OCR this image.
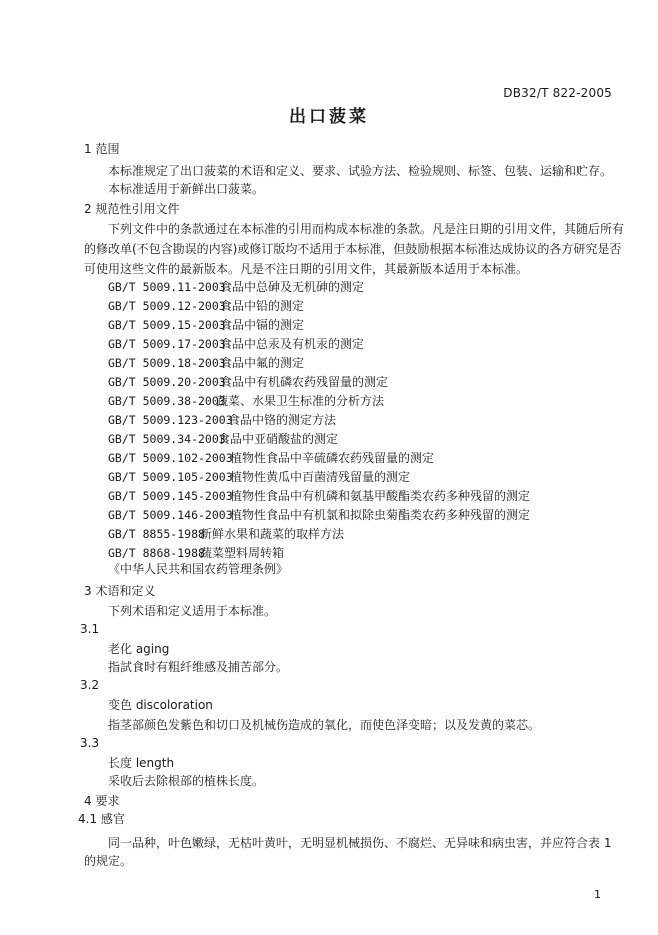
DB32/T 822-2005
出口菠菜
1 范围
本标准规定了出口菠菜的术语和定义、要求、试验方法、检验规则、标签、包装、运输和贮存。
本标准适用于新鲜出口菠菜。
2 规范性引用文件
下列文件中的条款通过在本标准的引用而构成本标准的条款。凡是注日期的引用文件，其随后所有
的修改单(不包含勘误的内容)或修订版均不适用于本标准，但鼓励根据本标准达成协议的各方研究是否
可使用这些文件的最新版本。凡是不注日期的引用文件，其最新版本适用于本标准。
GB/T 5009.11-2003
食品中总砷及无机砷的测定
GB/T 5009.12-2003
食品中铅的测定
GB/T 5009.15-2003
食品中镉的测定
GB/T 5009.17-2003
食品中总汞及有机汞的测定
GB/T 5009.18-2003
食品中氟的测定
GB/T 5009.20-2003
食品中有机磷农药残留量的测定
GB/T 5009.38-2003
蔬菜、水果卫生标准的分析方法
GB/T 5009.123-2003
食品中铬的测定方法
GB/T 5009.34-2003
食品中亚硝酸盐的测定
GB/T 5009.102-2003
植物性食品中辛硫磷农药残留量的测定
GB/T 5009.105-2003
植物性黄瓜中百菌清残留量的测定
GB/T 5009.145-2003
植物性食品中有机磷和氨基甲酸酯类农药多种残留的测定
GB/T 5009.146-2003
植物性食品中有机氯和拟除虫菊酯类农药多种残留的测定
GB/T 8855-1988
新鲜水果和蔬菜的取样方法
GB/T 8868-1988
蔬菜塑料周转箱
《中华人民共和国农药管理条例》
3 术语和定义
下列术语和定义适用于本标准。
3.1
老化 aging
指試食时有粗纤维感及捕苦部分。
3.2
变色 discoloration
指茎部颜色发紫色和切口及机械伤造成的氧化，而使色泽变暗；以及发黄的菜芯。
3.3
长度 length
采收后去除根部的植株长度。
4 要求
4.1 感官
同一品种，叶色嫩绿，无枯叶黄叶，无明显机械损伤、不腐烂、无异味和病虫害，并应符合表 1
的规定。
1
